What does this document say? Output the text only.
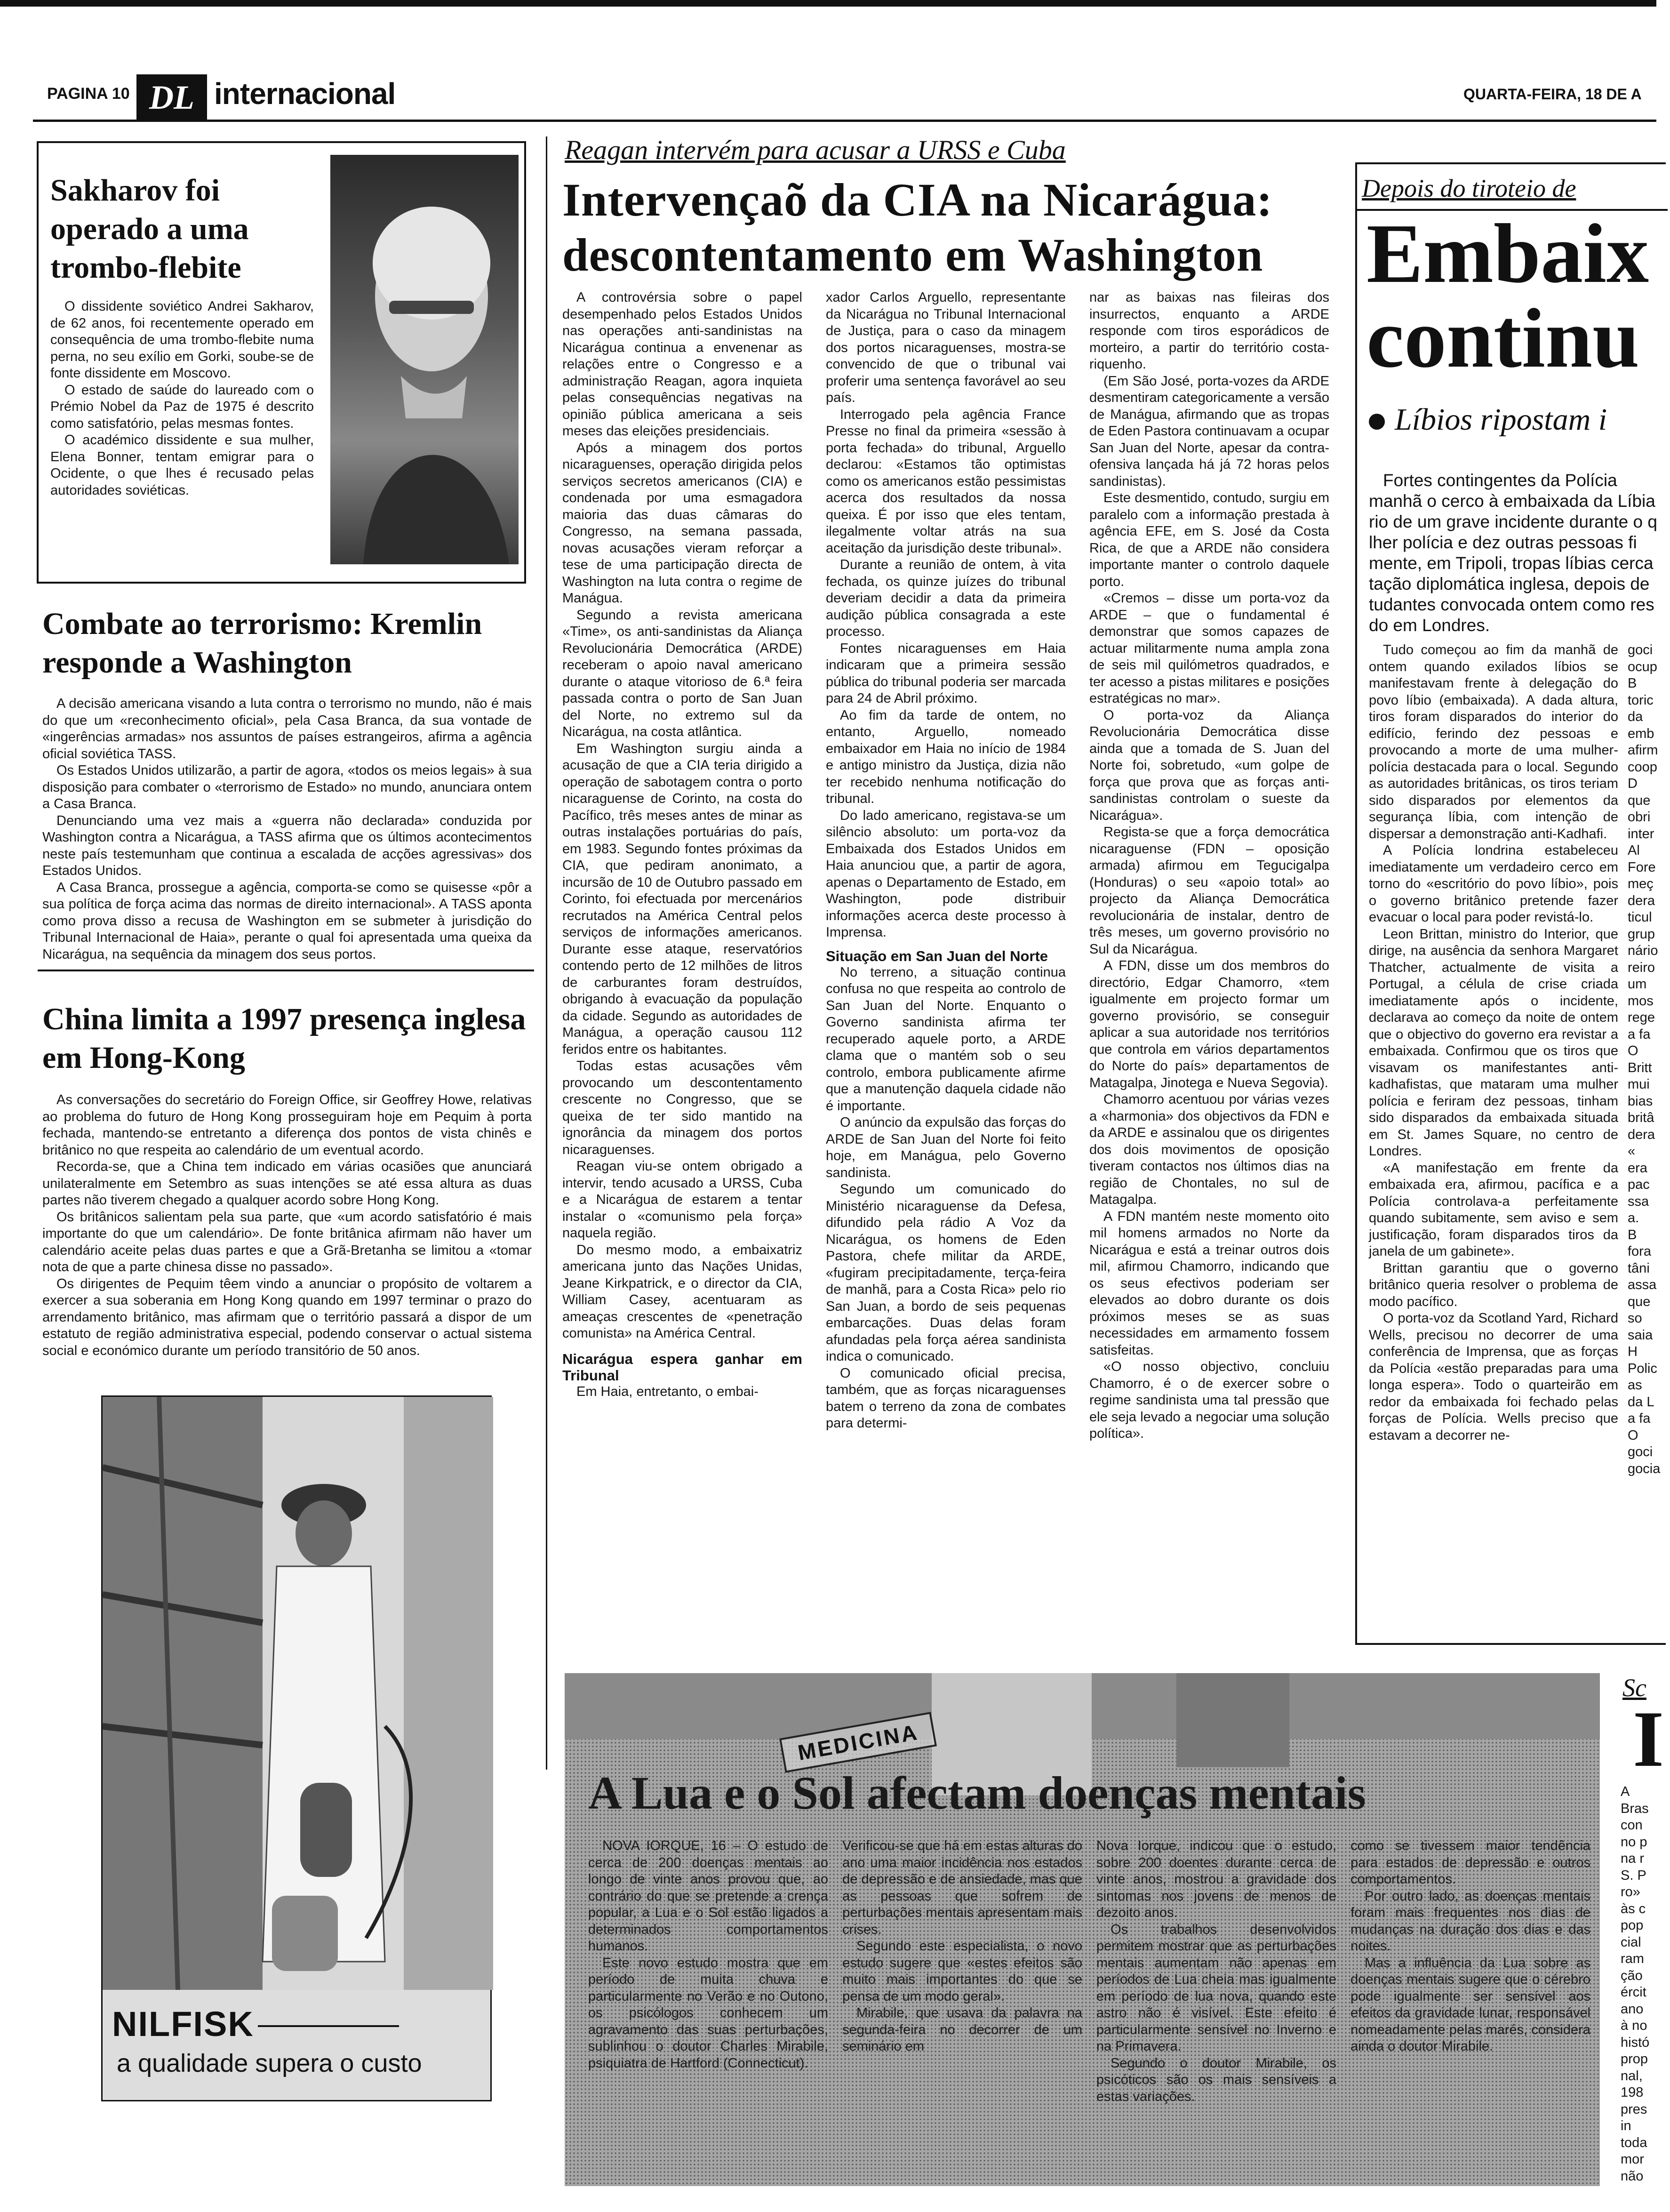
PAGINA 10 DL internacional	QUARTA-FEIRA, 18 DE A
Sakharov foi operado a uma trombo-flebite

O dissidente soviético Andrei Sakharov, de 62 anos, foi recentemente operado em consequência de uma trombo-flebite numa perna, no seu exílio em Gorki, soube-se de fonte dissidente em Moscovo.

O estado de saúde do laureado com o Prémio Nobel da Paz de 1975 é descrito como satisfatório, pelas mesmas fontes.

O académico dissidente e sua mulher, Elena Bonner, tentam emigrar para o Ocidente, o que lhes é recusado pelas autoridades soviéticas.

Combate ao terrorismo: Kremlin responde a Washington

A decisão americana visando a luta contra o terrorismo no mundo, não é mais do que um «reconhecimento oficial», pela Casa Branca, da sua vontade de «ingerências armadas» nos assuntos de países estrangeiros, afirma a agência oficial soviética TASS.

Os Estados Unidos utilizarão, a partir de agora, «todos os meios legais» à sua disposição para combater o «terrorismo de Estado» no mundo, anunciara ontem a Casa Branca.

Denunciando uma vez mais a «guerra não declarada» conduzida por Washington contra a Nicarágua, a TASS afirma que os últimos acontecimentos neste país testemunham que continua a escalada de acções agressivas» dos Estados Unidos.

A Casa Branca, prossegue a agência, comporta-se como se quisesse «pôr a sua política de força acima das normas de direito internacional». A TASS aponta como prova disso a recusa de Washington em se submeter à jurisdição do Tribunal Internacional de Haia», perante o qual foi apresentada uma queixa da Nicarágua, na sequência da minagem dos seus portos.

China limita a 1997 presença inglesa em Hong-Kong

As conversações do secretário do Foreign Office, sir Geoffrey Howe, relativas ao problema do futuro de Hong Kong prosseguiram hoje em Pequim à porta fechada, mantendo-se entretanto a diferença dos pontos de vista chinês e britânico no que respeita ao calendário de um eventual acordo.

Recorda-se, que a China tem indicado em várias ocasiões que anunciará unilateralmente em Setembro as suas intenções se até essa altura as duas partes não tiverem chegado a qualquer acordo sobre Hong Kong.

Os britânicos salientam pela sua parte, que «um acordo satisfatório é mais importante do que um calendário». De fonte britânica afirmam não haver um calendário aceite pelas duas partes e que a Grã-Bretanha se limitou a «tomar nota de que a parte chinesa disse no passado».

Os dirigentes de Pequim têem vindo a anunciar o propósito de voltarem a exercer a sua soberania em Hong Kong quando em 1997 terminar o prazo do arrendamento britânico, mas afirmam que o território passará a dispor de um estatuto de região administrativa especial, podendo conservar o actual sistema social e económico durante um período transitório de 50 anos.

NILFISK
a qualidade supera o custo
Reagan intervém para acusar a URSS e Cuba
Intervençaõ da CIA na Nicarágua:
descontentamento em Washington

A controvérsia sobre o papel desempenhado pelos Estados Unidos nas operações anti-sandinistas na Nicarágua continua a envenenar as relações entre o Congresso e a administração Reagan, agora inquieta pelas consequências negativas na opinião pública americana a seis meses das eleições presidenciais.

Após a minagem dos portos nicaraguenses, operação dirigida pelos serviços secretos americanos (CIA) e condenada por uma esmagadora maioria das duas câmaras do Congresso, na semana passada, novas acusações vieram reforçar a tese de uma participação directa de Washington na luta contra o regime de Manágua.

Segundo a revista americana «Time», os anti-sandinistas da Aliança Revolucionária Democrática (ARDE) receberam o apoio naval americano durante o ataque vitorioso de 6.ª feira passada contra o porto de San Juan del Norte, no extremo sul da Nicarágua, na costa atlântica.

Em Washington surgiu ainda a acusação de que a CIA teria dirigido a operação de sabotagem contra o porto nicaraguense de Corinto, na costa do Pacífico, três meses antes de minar as outras instalações portuárias do país, em 1983. Segundo fontes próximas da CIA, que pediram anonimato, a incursão de 10 de Outubro passado em Corinto, foi efectuada por mercenários recrutados na América Central pelos serviços de informações americanos. Durante esse ataque, reservatórios contendo perto de 12 milhões de litros de carburantes foram destruídos, obrigando à evacuação da população da cidade. Segundo as autoridades de Manágua, a operação causou 112 feridos entre os habitantes.

Todas estas acusações vêm provocando um descontentamento crescente no Congresso, que se queixa de ter sido mantido na ignorância da minagem dos portos nicaraguenses.

Reagan viu-se ontem obrigado a intervir, tendo acusado a URSS, Cuba e a Nicarágua de estarem a tentar instalar o «comunismo pela força» naquela região.

Do mesmo modo, a embaixatriz americana junto das Nações Unidas, Jeane Kirkpatrick, e o director da CIA, William Casey, acentuaram as ameaças crescentes de «penetração comunista» na América Central.

Nicarágua espera ganhar em Tribunal

Em Haia, entretanto, o embai-

xador Carlos Arguello, representante da Nicarágua no Tribunal Internacional de Justiça, para o caso da minagem dos portos nicaraguenses, mostra-se convencido de que o tribunal vai proferir uma sentença favorável ao seu país.

Interrogado pela agência France Presse no final da primeira «sessão à porta fechada» do tribunal, Arguello declarou: «Estamos tão optimistas como os americanos estão pessimistas acerca dos resultados da nossa queixa. É por isso que eles tentam, ilegalmente voltar atrás na sua aceitação da jurisdição deste tribunal».

Durante a reunião de ontem, à vita fechada, os quinze juízes do tribunal deveriam decidir a data da primeira audição pública consagrada a este processo.

Fontes nicaraguenses em Haia indicaram que a primeira sessão pública do tribunal poderia ser marcada para 24 de Abril próximo.

Ao fim da tarde de ontem, no entanto, Arguello, nomeado embaixador em Haia no início de 1984 e antigo ministro da Justiça, dizia não ter recebido nenhuma notificação do tribunal.

Do lado americano, registava-se um silêncio absoluto: um porta-voz da Embaixada dos Estados Unidos em Haia anunciou que, a partir de agora, apenas o Departamento de Estado, em Washington, pode distribuir informações acerca deste processo à Imprensa.

Situação em San Juan del Norte

No terreno, a situação continua confusa no que respeita ao controlo de San Juan del Norte. Enquanto o Governo sandinista afirma ter recuperado aquele porto, a ARDE clama que o mantém sob o seu controlo, embora publicamente afirme que a manutenção daquela cidade não é importante.

O anúncio da expulsão das forças do ARDE de San Juan del Norte foi feito hoje, em Manágua, pelo Governo sandinista.

Segundo um comunicado do Ministério nicaraguense da Defesa, difundido pela rádio A Voz da Nicarágua, os homens de Eden Pastora, chefe militar da ARDE, «fugiram precipitadamente, terça-feira de manhã, para a Costa Rica» pelo rio San Juan, a bordo de seis pequenas embarcações. Duas delas foram afundadas pela força aérea sandinista indica o comunicado.

O comunicado oficial precisa, também, que as forças nicaraguenses batem o terreno da zona de combates para determi-

nar as baixas nas fileiras dos insurrectos, enquanto a ARDE responde com tiros esporádicos de morteiro, a partir do território costa-riquenho.

(Em São José, porta-vozes da ARDE desmentiram categoricamente a versão de Manágua, afirmando que as tropas de Eden Pastora continuavam a ocupar San Juan del Norte, apesar da contra-ofensiva lançada há já 72 horas pelos sandinistas).

Este desmentido, contudo, surgiu em paralelo com a informação prestada à agência EFE, em S. José da Costa Rica, de que a ARDE não considera importante manter o controlo daquele porto.

«Cremos – disse um porta-voz da ARDE – que o fundamental é demonstrar que somos capazes de actuar militarmente numa ampla zona de seis mil quilómetros quadrados, e ter acesso a pistas militares e posições estratégicas no mar».

O porta-voz da Aliança Revolucionária Democrática disse ainda que a tomada de S. Juan del Norte foi, sobretudo, «um golpe de força que prova que as forças anti-sandinistas controlam o sueste da Nicarágua».

Regista-se que a força democrática nicaraguense (FDN – oposição armada) afirmou em Tegucigalpa (Honduras) o seu «apoio total» ao projecto da Aliança Democrática revolucionária de instalar, dentro de três meses, um governo provisório no Sul da Nicarágua.

A FDN, disse um dos membros do directório, Edgar Chamorro, «tem igualmente em projecto formar um governo provisório, se conseguir aplicar a sua autoridade nos territórios que controla em vários departamentos do Norte do país» departamentos de Matagalpa, Jinotega e Nueva Segovia).

Chamorro acentuou por várias vezes a «harmonia» dos objectivos da FDN e da ARDE e assinalou que os dirigentes dos dois movimentos de oposição tiveram contactos nos últimos dias na região de Chontales, no sul de Matagalpa.

A FDN mantém neste momento oito mil homens armados no Norte da Nicarágua e está a treinar outros dois mil, afirmou Chamorro, indicando que os seus efectivos poderiam ser elevados ao dobro durante os dois próximos meses se as suas necessidades em armamento fossem satisfeitas.

«O nosso objectivo, concluiu Chamorro, é o de exercer sobre o regime sandinista uma tal pressão que ele seja levado a negociar uma solução política».

Depois do tiroteio de
Embaix
continu
Líbios ripostam i
Fortes contingentes da Polícia
manhã o cerco à embaixada da Líbia
rio de um grave incidente durante o q
lher polícia e dez outras pessoas fi
mente, em Tripoli, tropas líbias cerca
tação diplomática inglesa, depois de
tudantes convocada ontem como res
do em Londres.

Tudo começou ao fim da manhã de ontem quando exilados líbios se manifestavam frente à delegação do povo líbio (embaixada). A dada altura, tiros foram disparados do interior do edifício, ferindo dez pessoas e provocando a morte de uma mulher-polícia destacada para o local. Segundo as autoridades britânicas, os tiros teriam sido disparados por elementos da segurança líbia, com intenção de dispersar a demonstração anti-Kadhafi.

A Polícia londrina estabeleceu imediatamente um verdadeiro cerco em torno do «escritório do povo líbio», pois o governo britânico pretende fazer evacuar o local para poder revistá-lo.

Leon Brittan, ministro do Interior, que dirige, na ausência da senhora Margaret Thatcher, actualmente de visita a Portugal, a célula de crise criada imediatamente após o incidente, declarava ao começo da noite de ontem que o objectivo do governo era revistar a embaixada. Confirmou que os tiros que visavam os manifestantes anti-kadhafistas, que mataram uma mulher polícia e feriram dez pessoas, tinham sido disparados da embaixada situada em St. James Square, no centro de Londres.

«A manifestação em frente da embaixada era, afirmou, pacífica e a Polícia controlava-a perfeitamente quando subitamente, sem aviso e sem justificação, foram disparados tiros da janela de um gabinete».

Brittan garantiu que o governo britânico queria resolver o problema de modo pacífico.

O porta-voz da Scotland Yard, Richard Wells, precisou no decorrer de uma conferência de Imprensa, que as forças da Polícia «estão preparadas para uma longa espera». Todo o quarteirão em redor da embaixada foi fechado pelas forças de Polícia. Wells preciso que estavam a decorrer ne-

goci
ocup
B
toric
da
emb
afirm
coop
D
que
obri
inter
Al
Fore
meç
dera
ticul
grup
nário
reiro
um
mos
rege
a fa
O
Britt
mui
bias
britâ
dera
«
era
pac
ssa
a.
B
fora
tâni
assa
que
so
saia
H
Polic
as
da L
a fa
O
goci
gocia
MEDICINA
A Lua e o Sol afectam doenças mentais

NOVA IORQUE, 16 – O estudo de cerca de 200 doenças mentais ao longo de vinte anos provou que, ao contrário do que se pretende a crença popular, a Lua e o Sol estão ligados a determinados comportamentos humanos.

Este novo estudo mostra que em período de muita chuva e particularmente no Verão e no Outono, os psicólogos conhecem um agravamento das suas perturbações, sublinhou o doutor Charles Mirabile, psiquiatra de Hartford (Connecticut).

Verificou-se que há em estas alturas do ano uma maior incidência nos estados de depressão e de ansiedade, mas que as pessoas que sofrem de perturbações mentais apresentam mais crises.

Segundo este especialista, o novo estudo sugere que «estes efeitos são muito mais importantes do que se pensa de um modo geral».

Mirabile, que usava da palavra na segunda-feira no decorrer de um seminário em

Nova Iorque, indicou que o estudo, sobre 200 doentes durante cerca de vinte anos, mostrou a gravidade dos sintomas nos jovens de menos de dezoito anos.

Os trabalhos desenvolvidos permitem mostrar que as perturbações mentais aumentam não apenas em períodos de Lua cheia mas igualmente em período de lua nova, quando este astro não é visível. Este efeito é particularmente sensível no Inverno e na Primavera.

Segundo o doutor Mirabile, os psicóticos são os mais sensíveis a estas variações.

como se tivessem maior tendência para estados de depressão e outros comportamentos.

Por outro lado, as doenças mentais foram mais frequentes nos dias de mudanças na duração dos dias e das noites.

Mas a influência da Lua sobre as doenças mentais sugere que o cérebro pode igualmente ser sensível aos efeitos da gravidade lunar, responsável nomeadamente pelas marés, considera ainda o doutor Mirabile.

Sc
I
A
Bras
con
no p
na r
S. P
ro»
às c
pop
cial
ram
ção
ércit
ano
à no
histó
prop
nal,
198
pres
in
toda
mor
não
